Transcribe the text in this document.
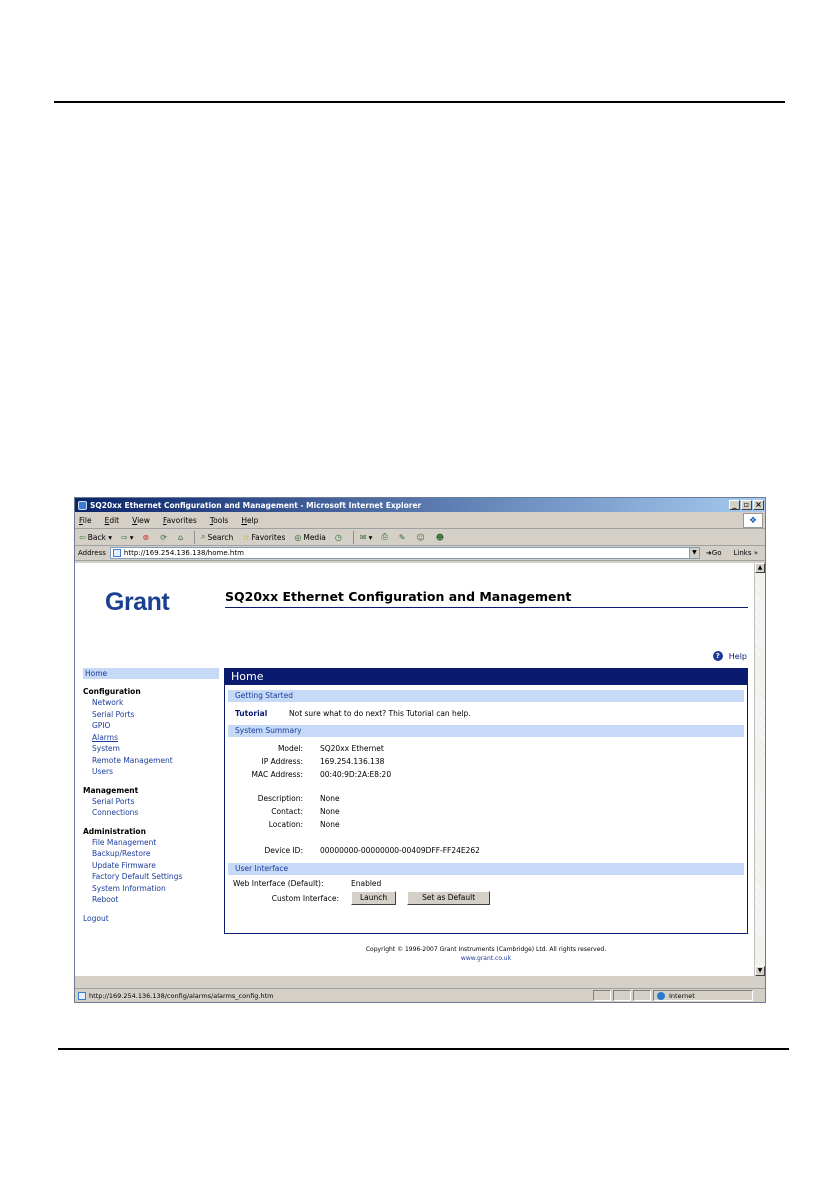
SQ20xx Ethernet Configuration and Management - Microsoft Internet Explorer	_ ▫ ×
File Edit View Favorites Tools Help	❖
⇦ Back ▾ ⇨ ▾ ⊗ ⟳ ⌂ ⌕ Search ☆ Favorites ◎ Media ◷ ✉ ▾ ⎙ ✎ ☺ ☻
Address	http://169.254.136.138/home.htm	▼	➜Go Links »
Grant	SQ20xx Ethernet Configuration and Management
?	Help
Home
Configuration
Network
Serial Ports
GPIO
Alarms
System
Remote Management
Users
Management
Serial Ports
Connections
Administration
File Management
Backup/Restore
Update Firmware
Factory Default Settings
System Information
Reboot
Logout
Home
Getting Started
Tutorial	Not sure what to do next? This Tutorial can help.
System Summary
Model:	SQ20xx Ethernet
IP Address:	169.254.136.138
MAC Address:	00:40:9D:2A:E8:20
Description:	None
Contact:	None
Location:	None
Device ID:	00000000-00000000-00409DFF-FF24E262
User Interface
Web Interface (Default):	Enabled
Custom Interface:	Launch	Set as Default
Copyright © 1996-2007 Grant Instruments (Cambridge) Ltd. All rights reserved.
www.grant.co.uk
▲
▼
http://169.254.136.138/config/alarms/alarms_config.htm	Internet
